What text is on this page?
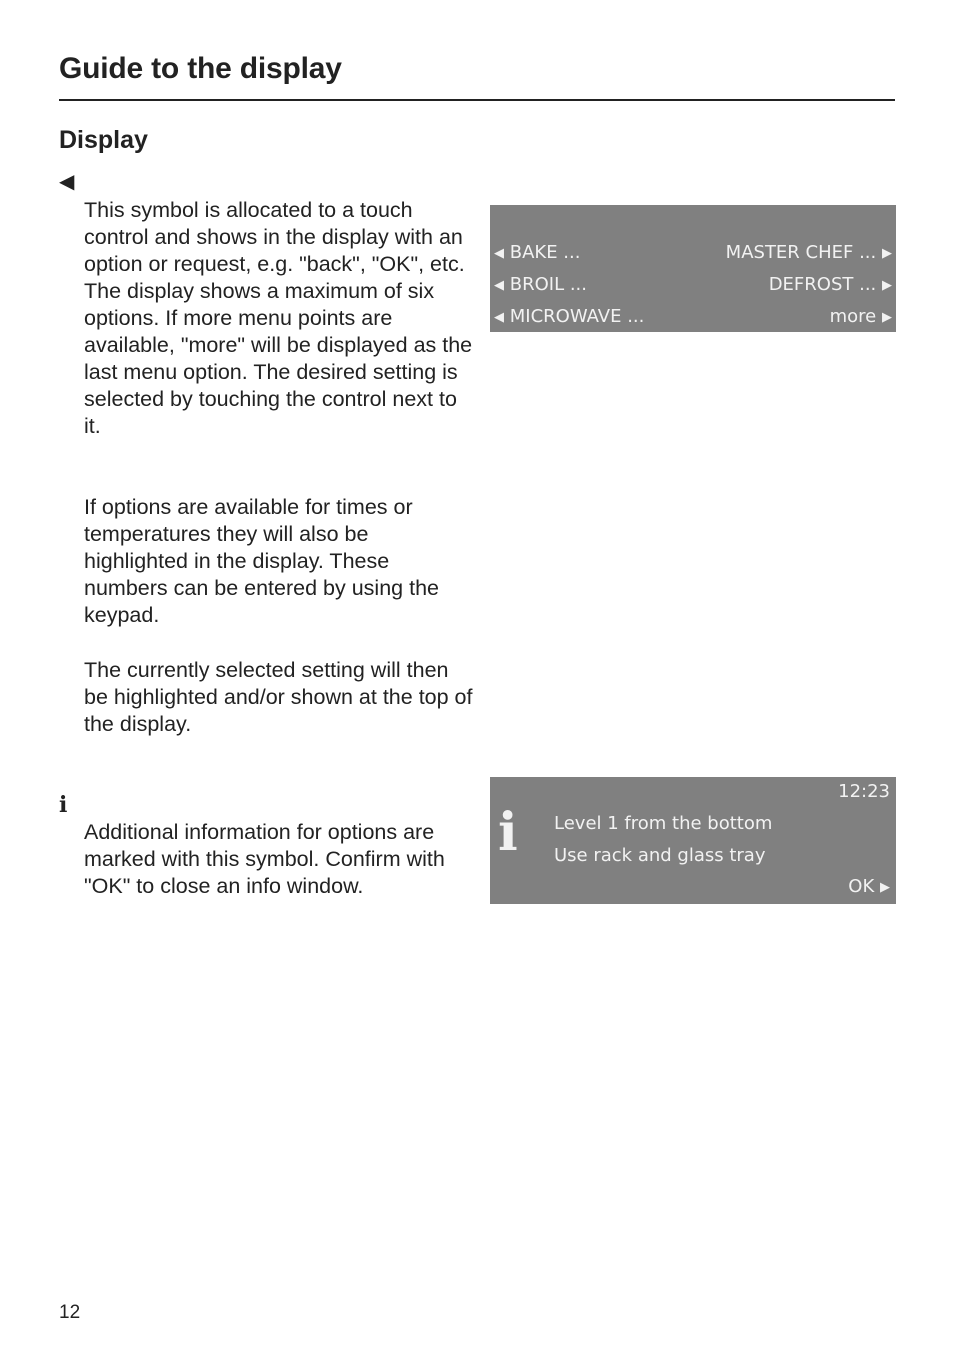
Guide to the display
Display
◀

This symbol is allocated to a touch control and shows in the display with an option or request, e.g. "back", "OK", etc. The display shows a maximum of six options. If more menu points are available, "more" will be displayed as the last menu option. The desired setting is selected by touching the control next to it.

If options are available for times or temperatures they will also be highlighted in the display. These numbers can be entered by using the keypad.

The currently selected setting will then be highlighted and/or shown at the top of the display.

i

Additional information for options are marked with this symbol. Confirm with "OK" to close an info window.

◀ BAKE ...	MASTER CHEF ... ▶
◀ BROIL ...	DEFROST ... ▶
◀ MICROWAVE ...	more ▶
12:23
i Level 1 from the bottom
Use rack and glass tray
OK ▶
12
